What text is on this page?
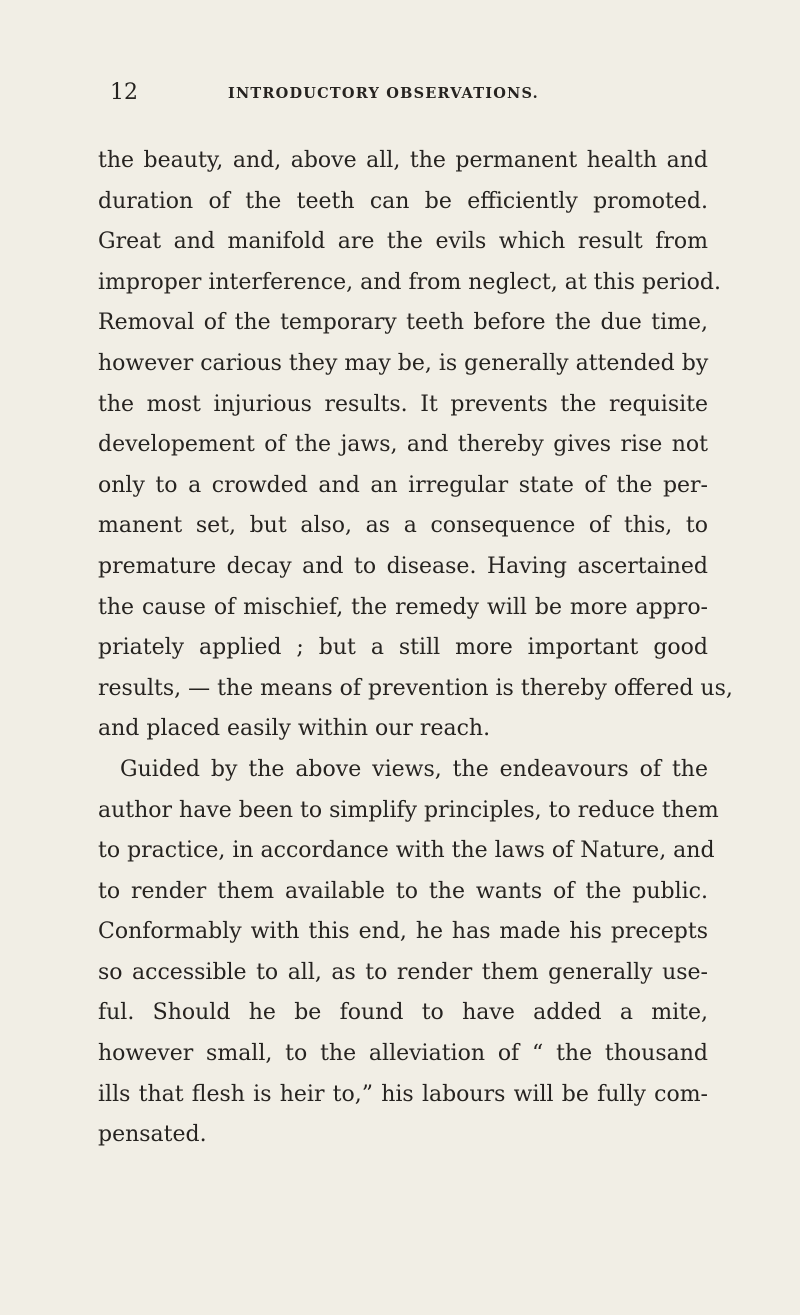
12	INTRODUCTORY OBSERVATIONS.
the beauty, and, above all, the permanent health and
duration of the teeth can be efficiently promoted.
Great and manifold are the evils which result from
improper interference, and from neglect, at this period.
Removal of the temporary teeth before the due time,
however carious they may be, is generally attended by
the most injurious results. It prevents the requisite
developement of the jaws, and thereby gives rise not
only to a crowded and an irregular state of the per-
manent set, but also, as a consequence of this, to
premature decay and to disease. Having ascertained
the cause of mischief, the remedy will be more appro-
priately applied ; but a still more important good
results, — the means of prevention is thereby offered us,
and placed easily within our reach.
Guided by the above views, the endeavours of the
author have been to simplify principles, to reduce them
to practice, in accordance with the laws of Nature, and
to render them available to the wants of the public.
Conformably with this end, he has made his precepts
so accessible to all, as to render them generally use-
ful. Should he be found to have added a mite,
however small, to the alleviation of “ the thousand
ills that flesh is heir to,” his labours will be fully com-
pensated.
